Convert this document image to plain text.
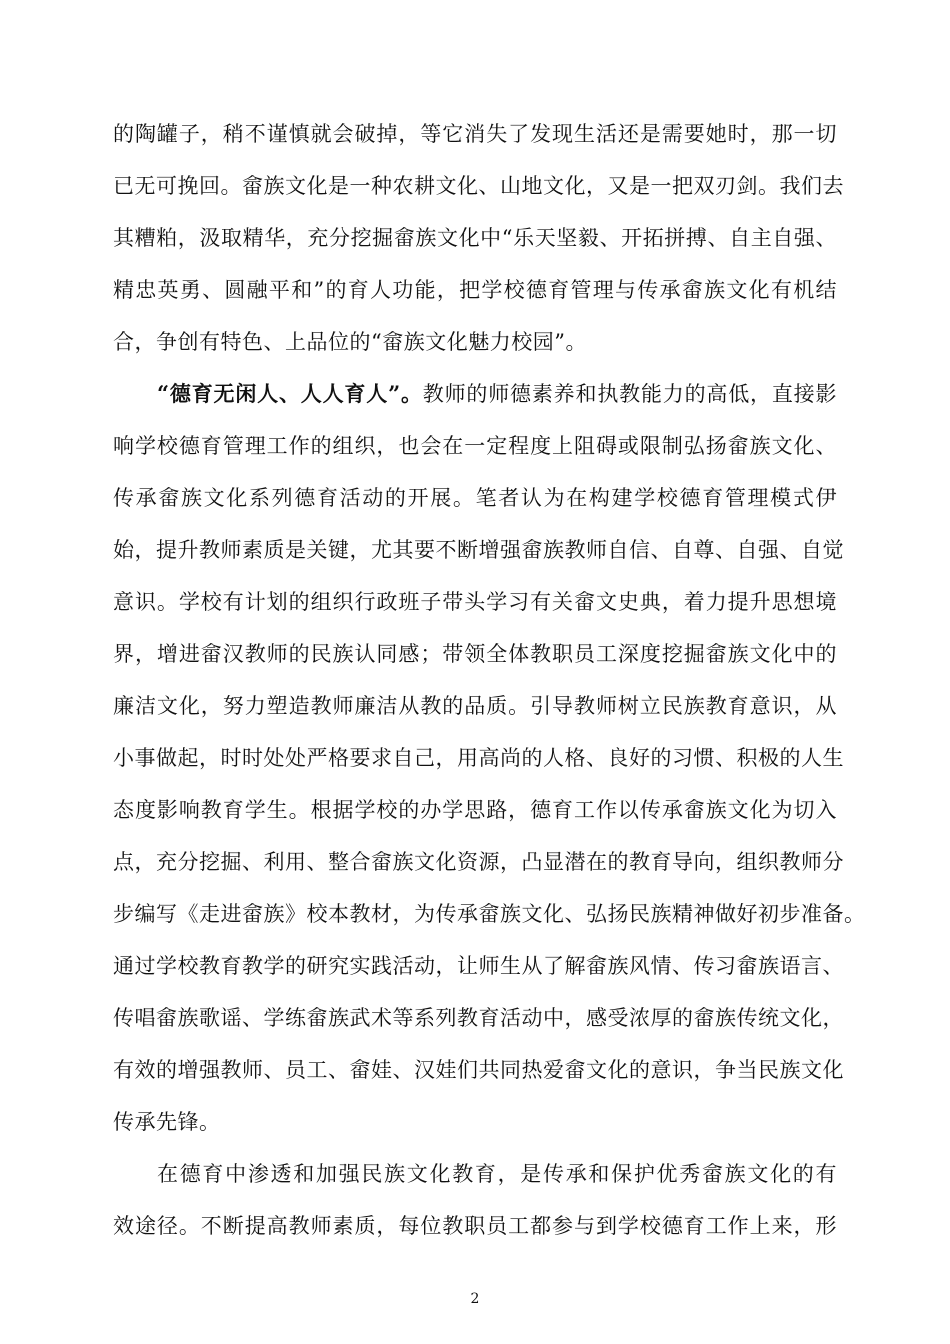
的陶罐子，稍不谨慎就会破掉，等它消失了发现生活还是需要她时，那一切
已无可挽回。畲族文化是一种农耕文化、山地文化，又是一把双刃剑。我们去
其糟粕，汲取精华，充分挖掘畲族文化中“乐天坚毅、开拓拼搏、自主自强、
精忠英勇、圆融平和”的育人功能，把学校德育管理与传承畲族文化有机结
合，争创有特色、上品位的“畲族文化魅力校园”。
“德育无闲人、人人育人”。教师的师德素养和执教能力的高低，直接影
响学校德育管理工作的组织，也会在一定程度上阻碍或限制弘扬畲族文化、
传承畲族文化系列德育活动的开展。笔者认为在构建学校德育管理模式伊
始，提升教师素质是关键，尤其要不断增强畲族教师自信、自尊、自强、自觉
意识。学校有计划的组织行政班子带头学习有关畲文史典，着力提升思想境
界，增进畲汉教师的民族认同感；带领全体教职员工深度挖掘畲族文化中的
廉洁文化，努力塑造教师廉洁从教的品质。引导教师树立民族教育意识，从
小事做起，时时处处严格要求自己，用高尚的人格、良好的习惯、积极的人生
态度影响教育学生。根据学校的办学思路，德育工作以传承畲族文化为切入
点，充分挖掘、利用、整合畲族文化资源，凸显潜在的教育导向，组织教师分
步编写《走进畲族》校本教材，为传承畲族文化、弘扬民族精神做好初步准备。
通过学校教育教学的研究实践活动，让师生从了解畲族风情、传习畲族语言、
传唱畲族歌谣、学练畲族武术等系列教育活动中，感受浓厚的畲族传统文化，
有效的增强教师、员工、畲娃、汉娃们共同热爱畲文化的意识，争当民族文化
传承先锋。
在德育中渗透和加强民族文化教育，是传承和保护优秀畲族文化的有
效途径。不断提高教师素质，每位教职员工都参与到学校德育工作上来，形
2
